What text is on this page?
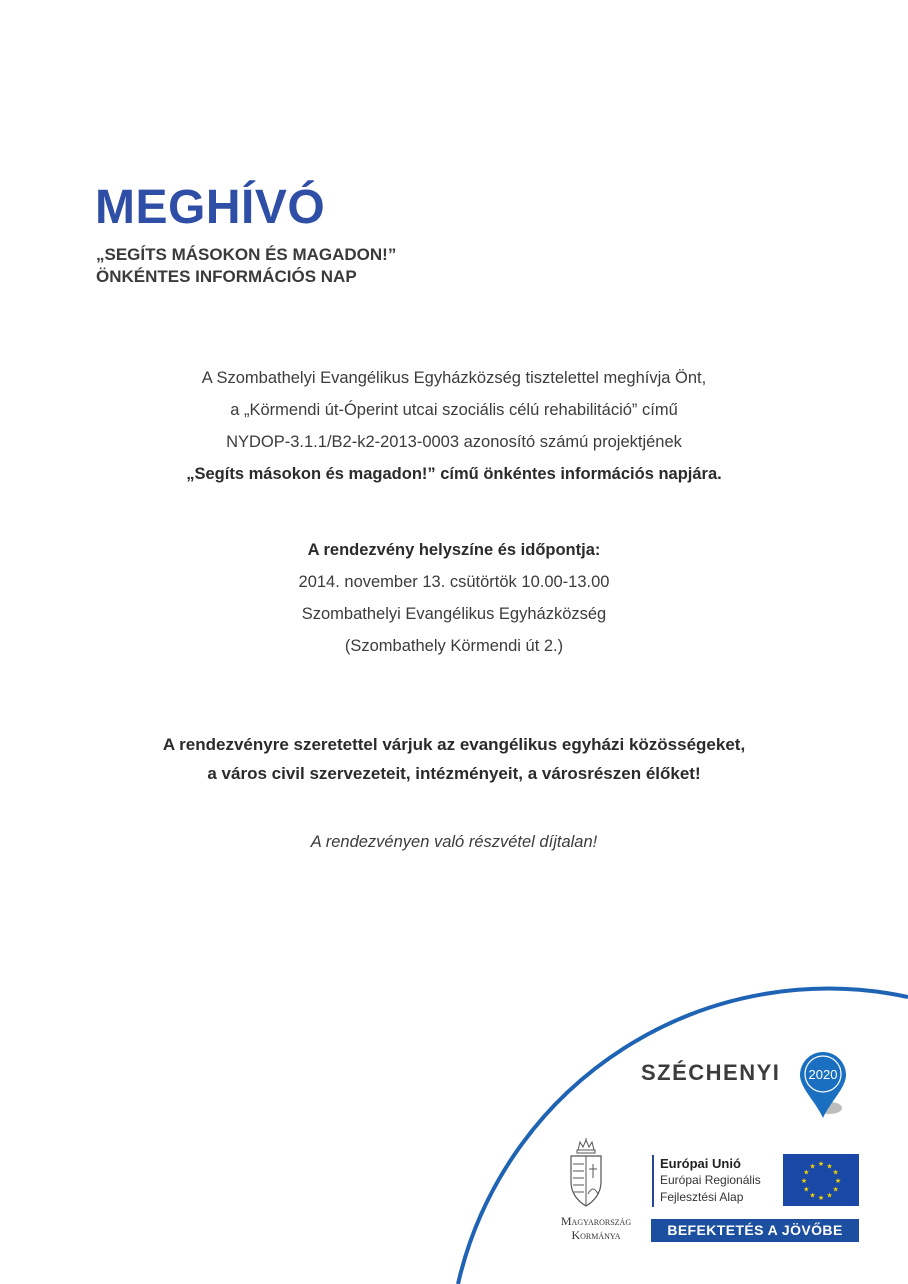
MEGHÍVÓ
„SEGÍTS MÁSOKON ÉS MAGADON!”
ÖNKÉNTES INFORMÁCIÓS NAP
A Szombathelyi Evangélikus Egyházközség tisztelettel meghívja Önt,
a „Körmendi út-Óperint utcai szociális célú rehabilitáció” című
NYDOP-3.1.1/B2-k2-2013-0003 azonosító számú projektjének
„Segíts másokon és magadon!” című önkéntes információs napjára.
A rendezvény helyszíne és időpontja:
2014. november 13. csütörtök 10.00-13.00
Szombathelyi Evangélikus Egyházközség
(Szombathely Körmendi út 2.)
A rendezvényre szeretettel várjuk az evangélikus egyházi közösségeket,
a város civil szervezeteit, intézményeit, a városrészen élőket!
A rendezvényen való részvétel díjtalan!
SZÉCHENYI 2020
Magyarország
Kormánya
Európai Unió
Európai Regionális
Fejlesztési Alap
★ ★
★
★
★
★
★
★
★
★
★
★
BEFEKTETÉS A JÖVŐBE
